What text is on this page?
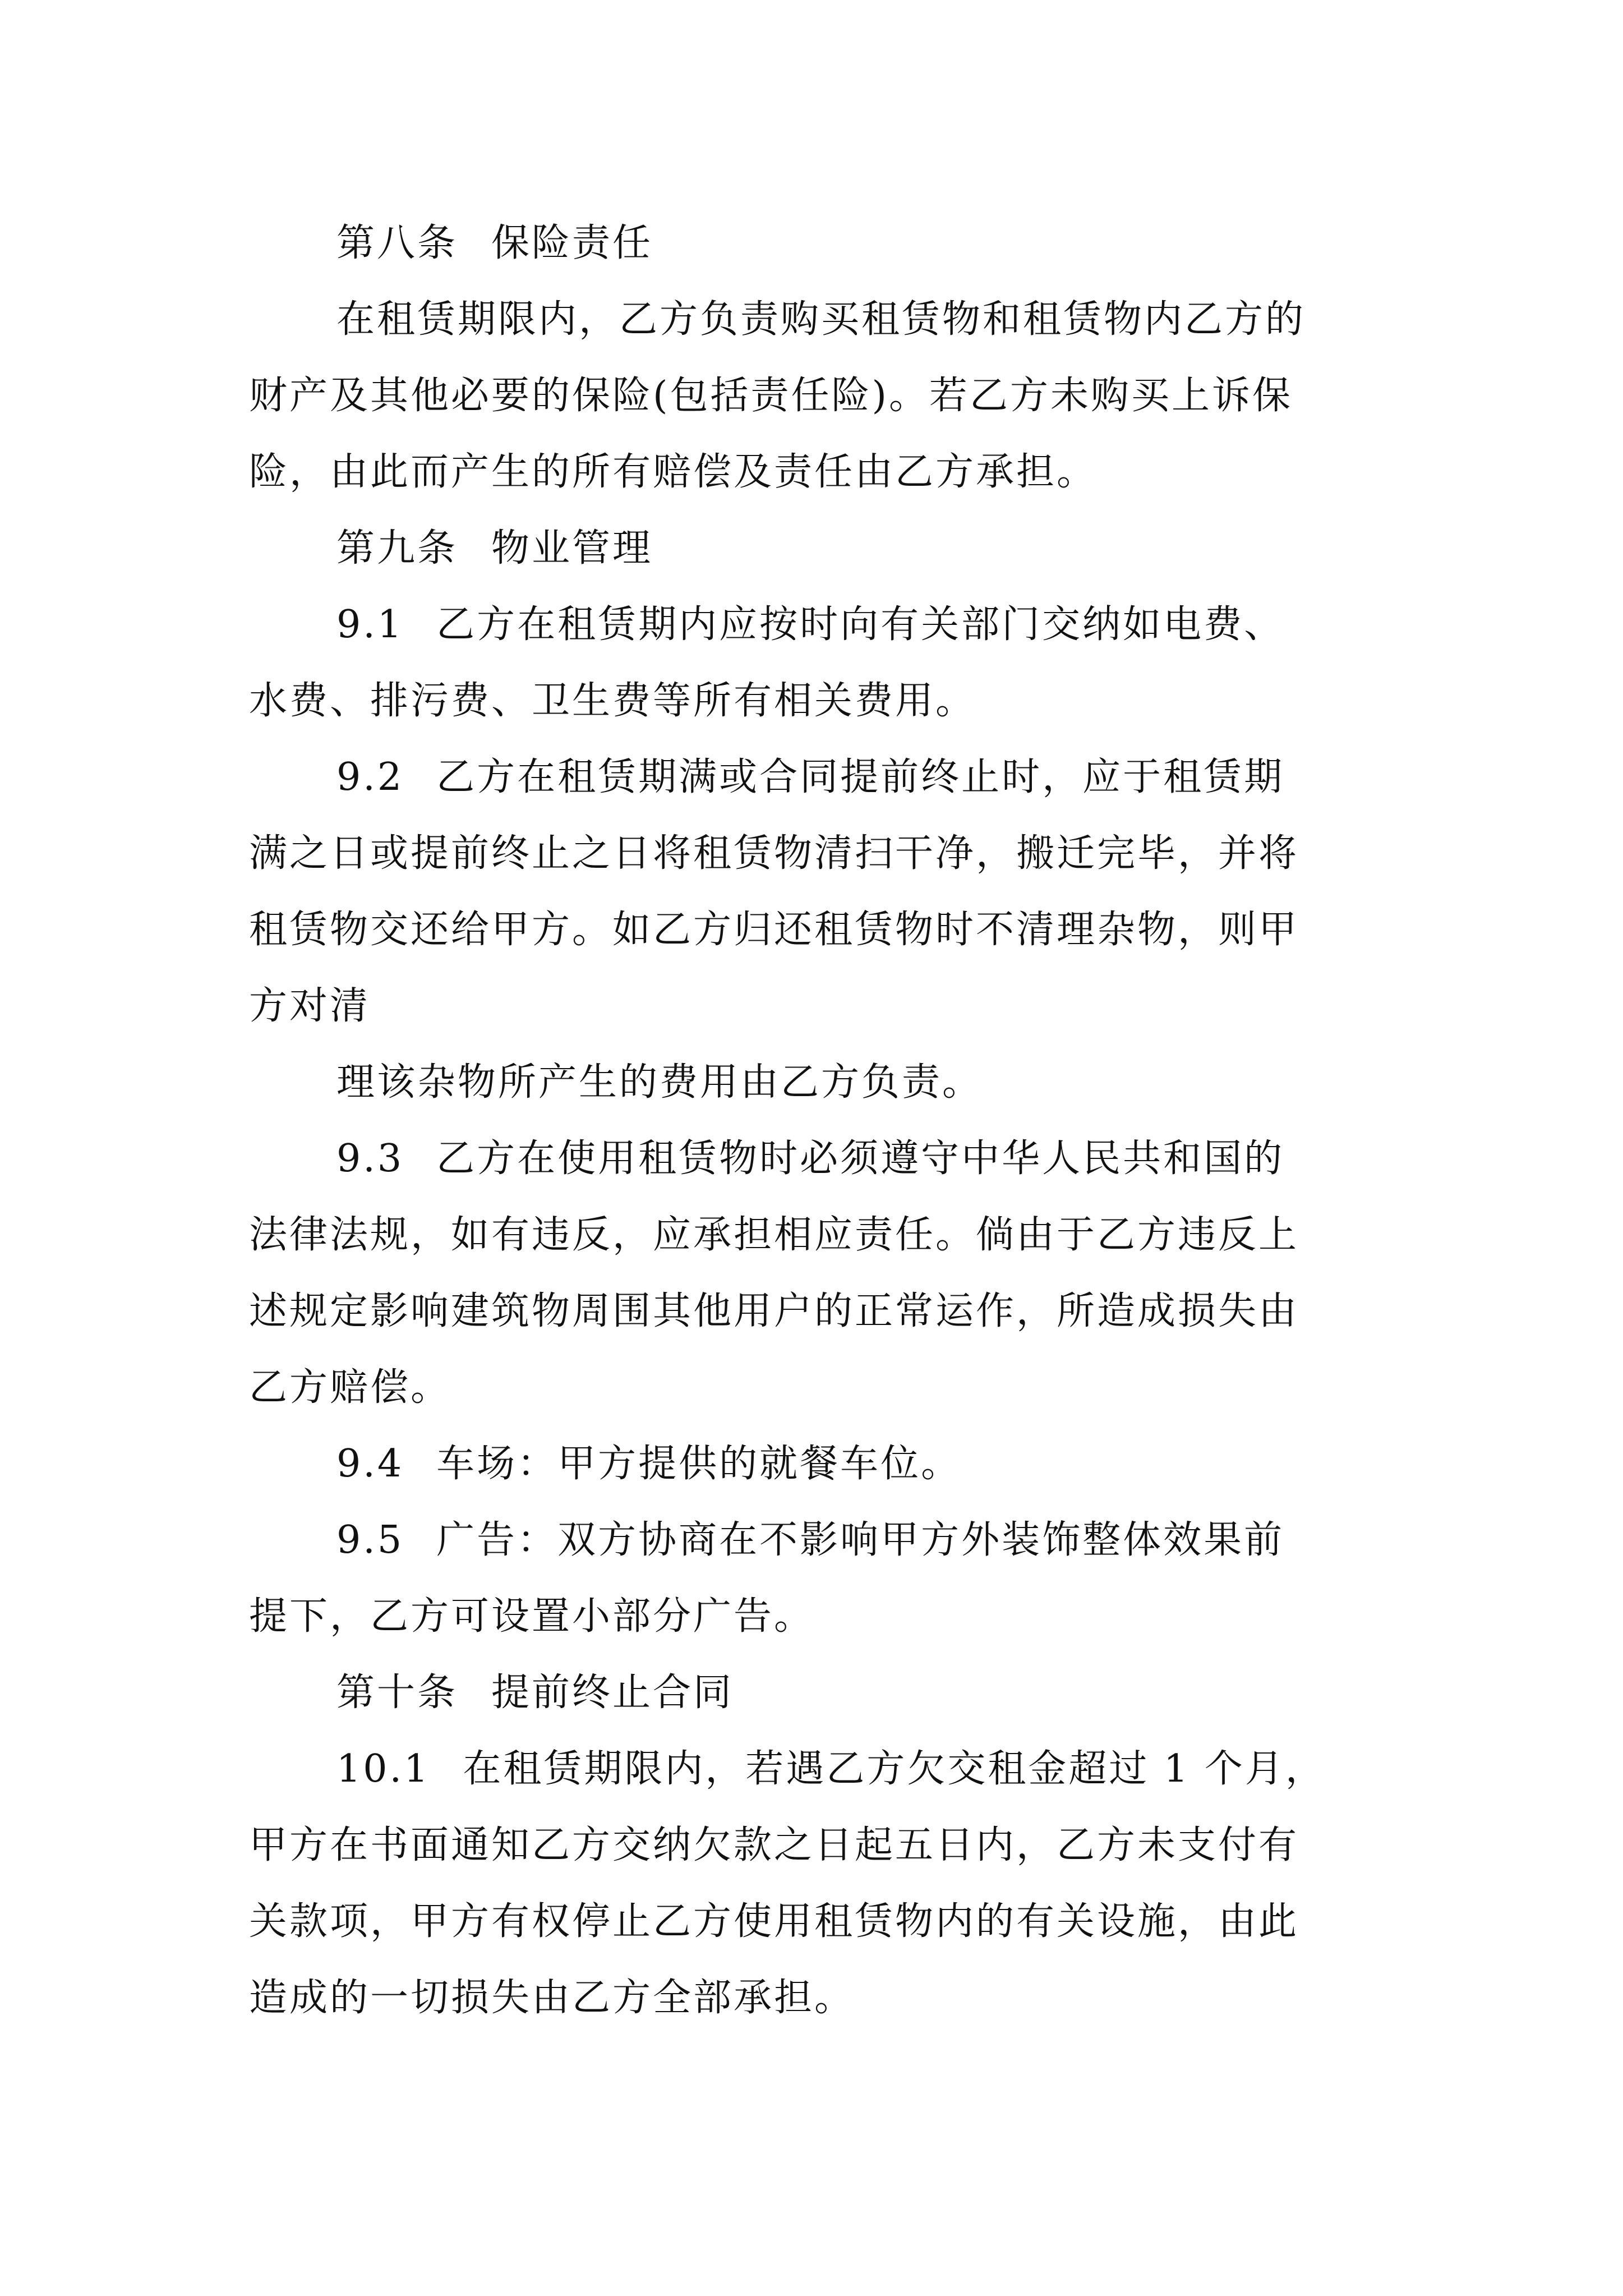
第八条 保险责任
在租赁期限内，乙方负责购买租赁物和租赁物内乙方的
财产及其他必要的保险(包括责任险)。若乙方未购买上诉保
险，由此而产生的所有赔偿及责任由乙方承担。
第九条 物业管理
9.1 乙方在租赁期内应按时向有关部门交纳如电费、
水费、排污费、卫生费等所有相关费用。
9.2 乙方在租赁期满或合同提前终止时，应于租赁期
满之日或提前终止之日将租赁物清扫干净，搬迁完毕，并将
租赁物交还给甲方。如乙方归还租赁物时不清理杂物，则甲
方对清
理该杂物所产生的费用由乙方负责。
9.3 乙方在使用租赁物时必须遵守中华人民共和国的
法律法规，如有违反，应承担相应责任。倘由于乙方违反上
述规定影响建筑物周围其他用户的正常运作，所造成损失由
乙方赔偿。
9.4 车场：甲方提供的就餐车位。
9.5 广告：双方协商在不影响甲方外装饰整体效果前
提下，乙方可设置小部分广告。
第十条 提前终止合同
10.1 在租赁期限内，若遇乙方欠交租金超过 1 个月，
甲方在书面通知乙方交纳欠款之日起五日内，乙方未支付有
关款项，甲方有权停止乙方使用租赁物内的有关设施，由此
造成的一切损失由乙方全部承担。
